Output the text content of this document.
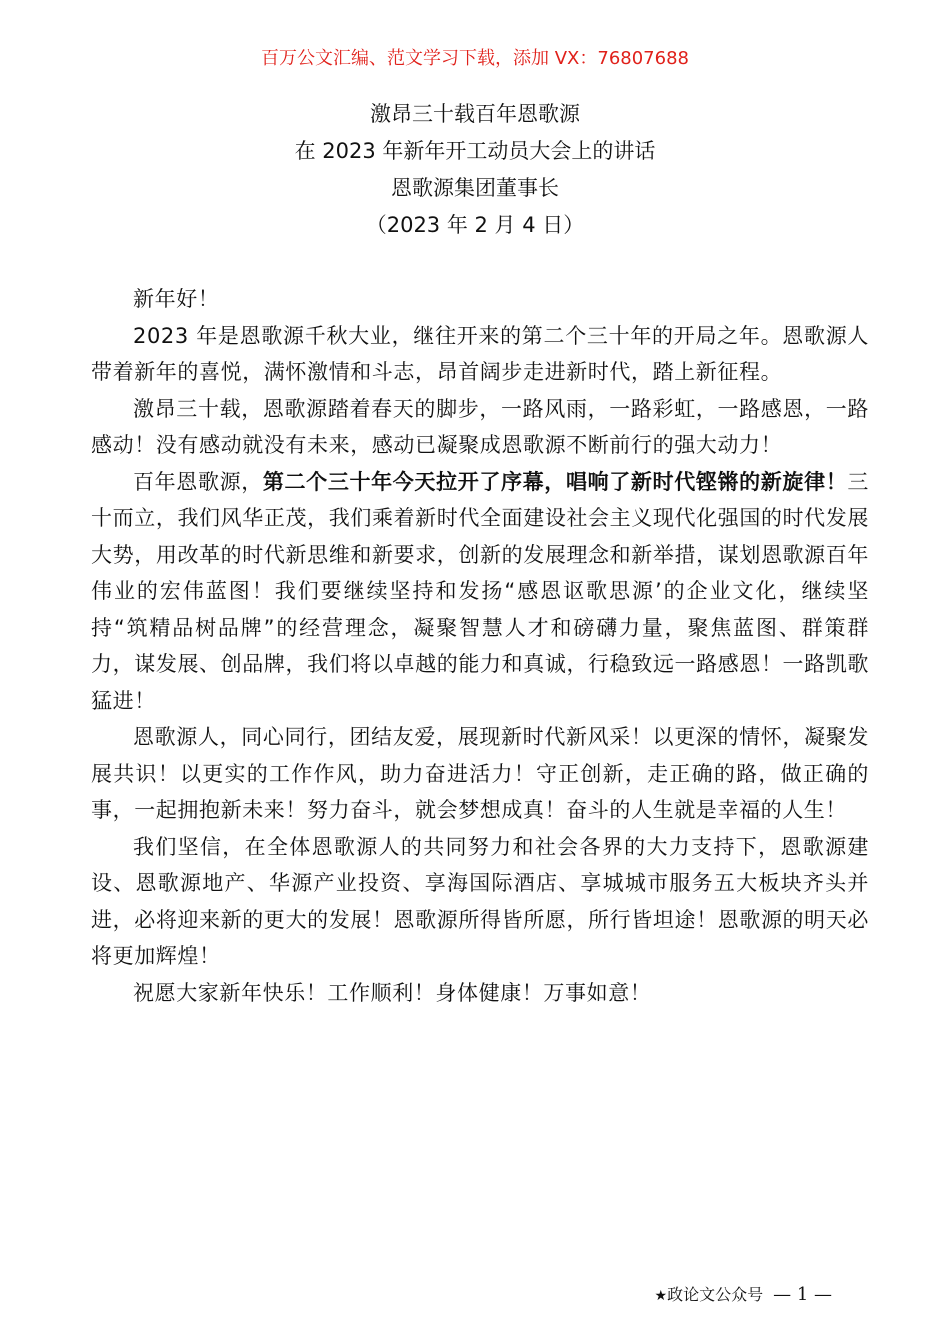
百万公文汇编、范文学习下载，添加 VX：76807688
激昂三十载百年恩歌源
在 2023 年新年开工动员大会上的讲话
恩歌源集团董事长
（2023 年 2 月 4 日）

新年好！

2023 年是恩歌源千秋大业，继往开来的第二个三十年的开局之年。恩歌源人带着新年的喜悦，满怀激情和斗志，昂首阔步走进新时代，踏上新征程。

激昂三十载，恩歌源踏着春天的脚步，一路风雨，一路彩虹，一路感恩，一路感动！没有感动就没有未来，感动已凝聚成恩歌源不断前行的强大动力！

百年恩歌源，第二个三十年今天拉开了序幕，唱响了新时代铿锵的新旋律！三十而立，我们风华正茂，我们乘着新时代全面建设社会主义现代化强国的时代发展大势，用改革的时代新思维和新要求，创新的发展理念和新举措，谋划恩歌源百年伟业的宏伟蓝图！我们要继续坚持和发扬“感恩讴歌思源’的企业文化，继续坚持“筑精品树品牌”的经营理念，凝聚智慧人才和磅礴力量，聚焦蓝图、群策群力，谋发展、创品牌，我们将以卓越的能力和真诚，行稳致远一路感恩！一路凯歌猛进！

恩歌源人，同心同行，团结友爱，展现新时代新风采！以更深的情怀，凝聚发展共识！以更实的工作作风，助力奋进活力！守正创新，走正确的路，做正确的事，一起拥抱新未来！努力奋斗，就会梦想成真！奋斗的人生就是幸福的人生！

我们坚信，在全体恩歌源人的共同努力和社会各界的大力支持下，恩歌源建设、恩歌源地产、华源产业投资、享海国际酒店、享城城市服务五大板块齐头并进，必将迎来新的更大的发展！恩歌源所得皆所愿，所行皆坦途！恩歌源的明天必将更加辉煌！

祝愿大家新年快乐！工作顺利！身体健康！万事如意！

★政论文公众号 — 1 —
